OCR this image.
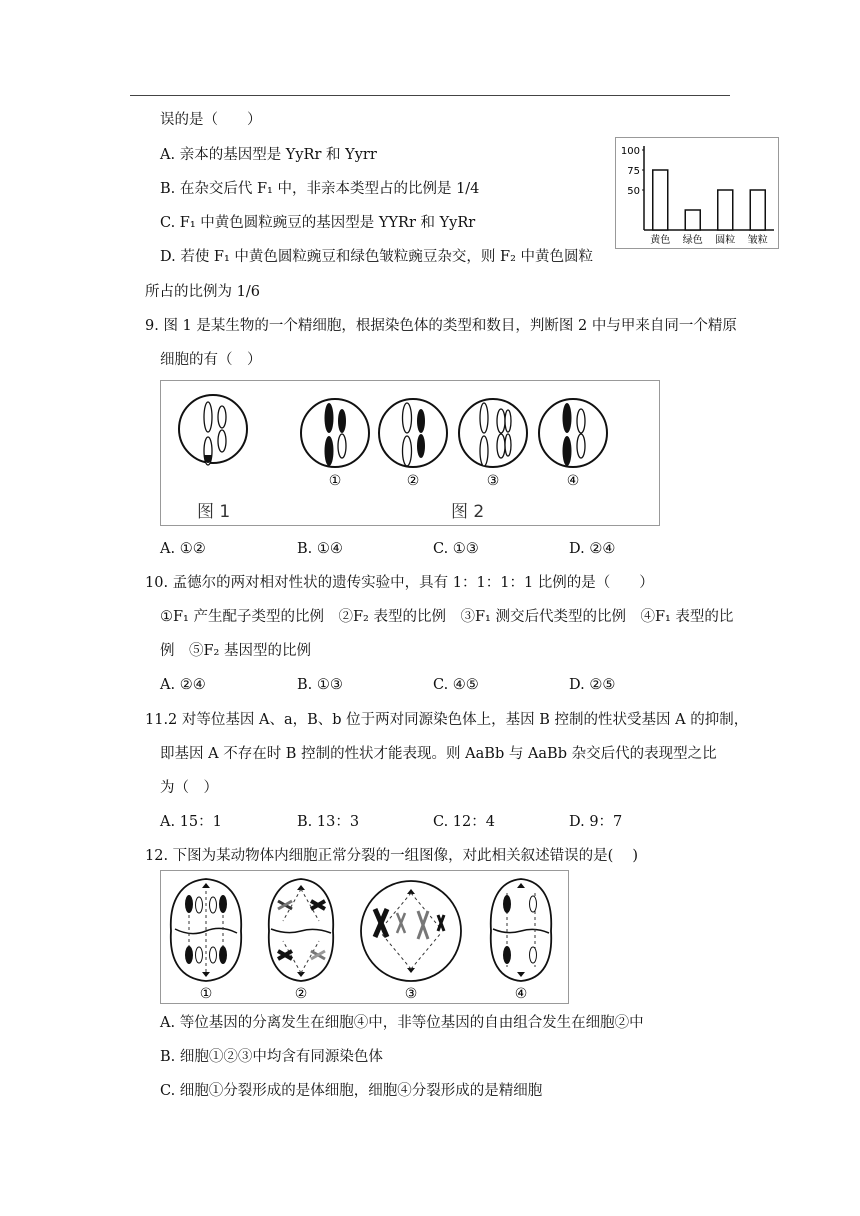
误的是（　　）
A. 亲本的基因型是 YyRr 和 Yyrr
B. 在杂交后代 F₁ 中，非亲本类型占的比例是 1/4
C. F₁ 中黄色圆粒豌豆的基因型是 YYRr 和 YyRr
D. 若使 F₁ 中黄色圆粒豌豆和绿色皱粒豌豆杂交，则 F₂ 中黄色圆粒
所占的比例为 1/6
100
75
50
黄色 绿色 圆粒 皱粒
9. 图 1 是某生物的一个精细胞，根据染色体的类型和数目，判断图 2 中与甲来自同一个精原
细胞的有（　）
①	②	③	④
图 1	图 2
A. ①②	B. ①④	C. ①③	D. ②④
10. 孟德尔的两对相对性状的遗传实验中，具有 1：1：1：1 比例的是（　　）
①F₁ 产生配子类型的比例　②F₂ 表型的比例　③F₁ 测交后代类型的比例　④F₁ 表型的比
例　⑤F₂ 基因型的比例
A. ②④	B. ①③	C. ④⑤	D. ②⑤
11.2 对等位基因 A、a，B、b 位于两对同源染色体上，基因 B 控制的性状受基因 A 的抑制，
即基因 A 不存在时 B 控制的性状才能表现。则 AaBb 与 AaBb 杂交后代的表现型之比
为（　）
A. 15：1	B. 13：3	C. 12：4	D. 9：7
12. 下图为某动物体内细胞正常分裂的一组图像，对此相关叙述错误的是(　 )
①	②	③	④
A. 等位基因的分离发生在细胞④中，非等位基因的自由组合发生在细胞②中
B. 细胞①②③中均含有同源染色体
C. 细胞①分裂形成的是体细胞，细胞④分裂形成的是精细胞
